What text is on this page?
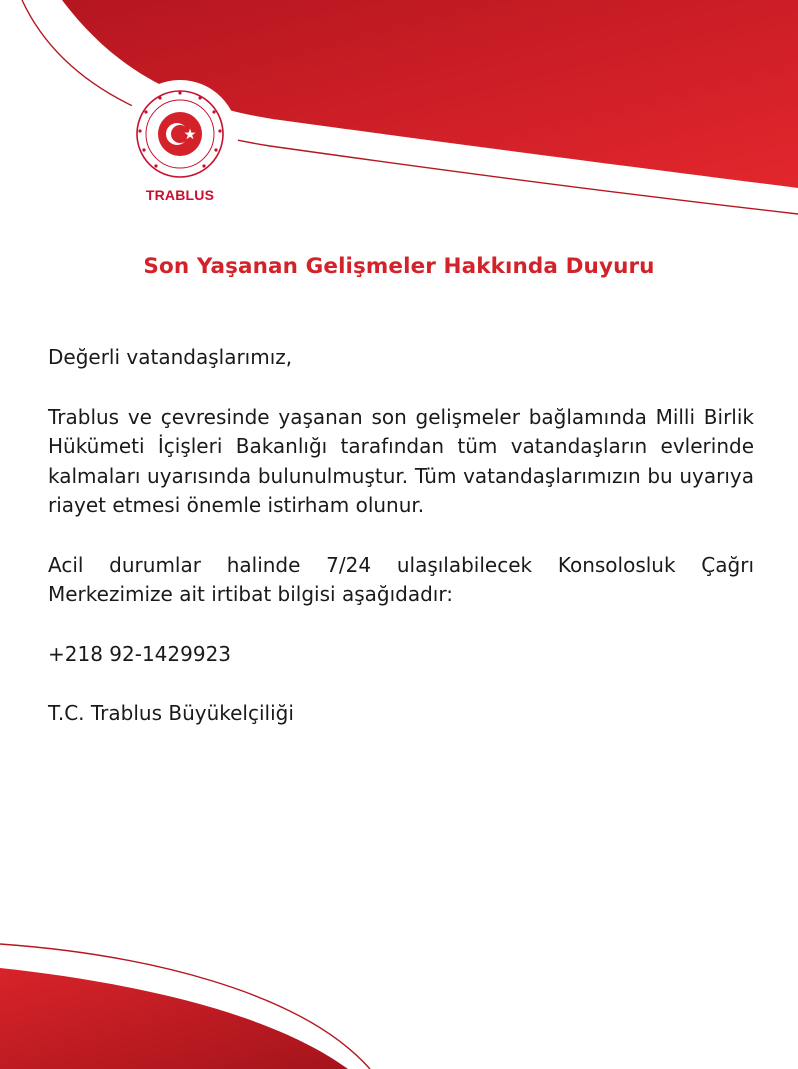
TRABLUS
Son Yaşanan Gelişmeler Hakkında Duyuru

Değerli vatandaşlarımız,

Trablus ve çevresinde yaşanan son gelişmeler bağlamında Milli Birlik Hükümeti İçişleri Bakanlığı tarafından tüm vatandaşların evlerinde kalmaları uyarısında bulunulmuştur. Tüm vatandaşlarımızın bu uyarıya riayet etmesi önemle istirham olunur.

Acil durumlar halinde 7/24 ulaşılabilecek Konsolosluk Çağrı Merkezimize ait irtibat bilgisi aşağıdadır:

+218 92-1429923

T.C. Trablus Büyükelçiliği
